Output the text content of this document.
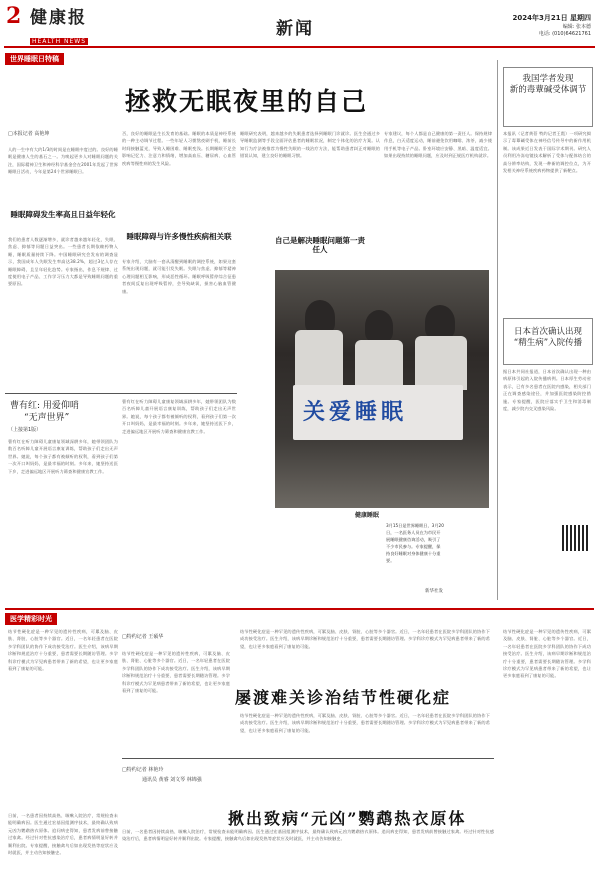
2 健康报
HEALTH NEWS
新闻
2024年3月21日 星期四
编辑: 张本德
电话: (010)64621761
世界睡眠日特稿
拯救无眠夜里的自己
□本报记者 高艳坤
人的一生中有大约1/3的时间是在睡眠中度过的。良好的睡眠是健康人生的基石之一。为唤起更多人对睡眠问题的关注，国际精神卫生和神经科学基金会在2001年发起了世界睡眠日活动，今年是第24个世界睡眠日。
睡眠障碍发生率高且日益年轻化
我们的患者人数逐渐增多，就诊者越来越年轻化，失眠、焦虑、抑郁等问题日益突出。一些患者长期依赖药物入睡，睡眠质量持续下降。中国睡眠研究会发布的调查显示，我国成年人失眠发生率高达38.2%，超过3亿人存在睡眠障碍，且呈年轻化趋势。专家指出，作息不规律、过度使用电子产品、工作学习压力大都是导致睡眠问题的重要原因。
否，良好的睡眠是生长发育的基础。睡眠的本质是神经系统的一种主动调节过程。一些年轻人习惯熬夜刷手机，睡前长时间接触蓝光，导致入睡困难、睡眠变浅。长期睡眠不足会影响记忆力、注意力和情绪，增加高血压、糖尿病、心血管疾病等慢性病的发生风险。
睡眠障碍与许多慢性疾病相关联
专家介绍，大脑有一套从清醒到睡眠的调控系统，如果这套系统出现问题，就可能引发失眠。失眠与焦虑、抑郁等精神心理问题相互影响，形成恶性循环。睡眠呼吸暂停综合征患者夜间反复出现呼吸暂停，会导致缺氧，损害心脑血管健康。
睡眠研究表明，越来越多的失眠患者选择到睡眠门诊就诊。医生会通过多导睡眠监测等手段全面评估患者的睡眠状况，制定个体化的治疗方案。认知行为疗法被推荐为慢性失眠的一线治疗方法，能帮助患者纠正对睡眠的错误认知，建立良好的睡眠习惯。
自己是解决睡眠问题第一责任人
专家建议，每个人都是自己健康的第一责任人。保持规律作息，白天适度运动，睡前避免饮用咖啡、浓茶，减少使用手机等电子产品。卧室环境应安静、黑暗、温度适宜。如果出现持续的睡眠问题，应及时到正规医疗机构就诊。
关爱睡眠
健康睡眠
3月15日是世界睡眠日，3月20日，一名医务人员在为市民开展睡眠健康咨询活动，吸引了不少市民参与。专家提醒，保持良好睡眠对身体健康十分重要。
新华社发
我国学者发现
新的毒蕈碱受体调节
本报讯（记者黄蓓 特约记者王霞）一项研究揭示了毒蕈碱受体在神经信号传导中的新作用机制。该成果近日发表于国际学术期刊。研究人员利用冷冻电镜技术解析了受体与配体结合的高分辨率结构，发现一种新的调控位点，为开发相关神经系统疾病药物提供了新靶点。
日本首次确认出现
“精生病”入院传播
据日本共同社报道，日本首次确认出现一种由病原体引起的入院传播病例。日本厚生劳动省表示，已有多名患者在医院内感染，相关部门正在调查感染途径，并加强医院感染防控措施。专家提醒，医院应落实手卫生和消毒制度，减少院内交叉感染风险。
曹有红: 用爱仰哨
“无声世界”
（上接第1版）
曹有红在听力障碍儿童康复领域深耕多年，她带领团队为数百名听障儿童开展语言康复训练，帮助孩子们走出无声世界。她说，每个孩子都有被倾听的权利，看到孩子们第一次开口叫妈妈，是最幸福的时刻。多年来，她坚持送医下乡，走进偏远地区开展听力筛查和健康宣教工作。
曹有红在听力障碍儿童康复领域深耕多年，她带领团队为数百名听障儿童开展语言康复训练，帮助孩子们走出无声世界。她说，每个孩子都有被倾听的权利，看到孩子们第一次开口叫妈妈，是最幸福的时刻。多年来，她坚持送医下乡，走进偏远地区开展听力筛查和健康宣教工作。
医学精彩时光
□特约记者 王硕华
屡渡难关诊治结节性硬化症
结节性硬化症是一种罕见的遗传性疾病，可累及脑、皮肤、肾脏、心脏等多个器官。近日，一名年轻患者在医院多学科团队的协作下成功接受治疗。医生介绍，该病早期诊断和规范治疗十分重要，患者需要长期随访管理。多学科诊疗模式为罕见病患者带来了新的希望，也让更多家庭看到了康复的可能。
结节性硬化症是一种罕见的遗传性疾病，可累及脑、皮肤、肾脏、心脏等多个器官。近日，一名年轻患者在医院多学科团队的协作下成功接受治疗。医生介绍，该病早期诊断和规范治疗十分重要，患者需要长期随访管理。多学科诊疗模式为罕见病患者带来了新的希望，也让更多家庭看到了康复的可能。
结节性硬化症是一种罕见的遗传性疾病，可累及脑、皮肤、肾脏、心脏等多个器官。近日，一名年轻患者在医院多学科团队的协作下成功接受治疗。医生介绍，该病早期诊断和规范治疗十分重要，患者需要长期随访管理。多学科诊疗模式为罕见病患者带来了新的希望，也让更多家庭看到了康复的可能。
结节性硬化症是一种罕见的遗传性疾病，可累及脑、皮肤、肾脏、心脏等多个器官。近日，一名年轻患者在医院多学科团队的协作下成功接受治疗。医生介绍，该病早期诊断和规范治疗十分重要，患者需要长期随访管理。多学科诊疗模式为罕见病患者带来了新的希望，也让更多家庭看到了康复的可能。
结节性硬化症是一种罕见的遗传性疾病，可累及脑、皮肤、肾脏、心脏等多个器官。近日，一名年轻患者在医院多学科团队的协作下成功接受治疗。医生介绍，该病早期诊断和规范治疗十分重要，患者需要长期随访管理。多学科诊疗模式为罕见病患者带来了新的希望，也让更多家庭看到了康复的可能。
□特约记者 林艳玲
通讯员 黄睿 刘文琴 林锦强
揪出致病“元凶”鹦鹉热衣原体
日前，一名患者因持续高热、咳嗽入院治疗，常规检查未能明确病因。医生通过宏基因组测序技术，最终确认致病元凶为鹦鹉热衣原体。追问病史得知，患者发病前曾接触过家禽。经过针对性抗感染治疗后，患者病情明显好转并顺利出院。专家提醒，接触禽鸟后如出现发热等症状应及时就医，并主动告知接触史。
日前，一名患者因持续高热、咳嗽入院治疗，常规检查未能明确病因。医生通过宏基因组测序技术，最终确认致病元凶为鹦鹉热衣原体。追问病史得知，患者发病前曾接触过家禽。经过针对性抗感染治疗后，患者病情明显好转并顺利出院。专家提醒，接触禽鸟后如出现发热等症状应及时就医，并主动告知接触史。
